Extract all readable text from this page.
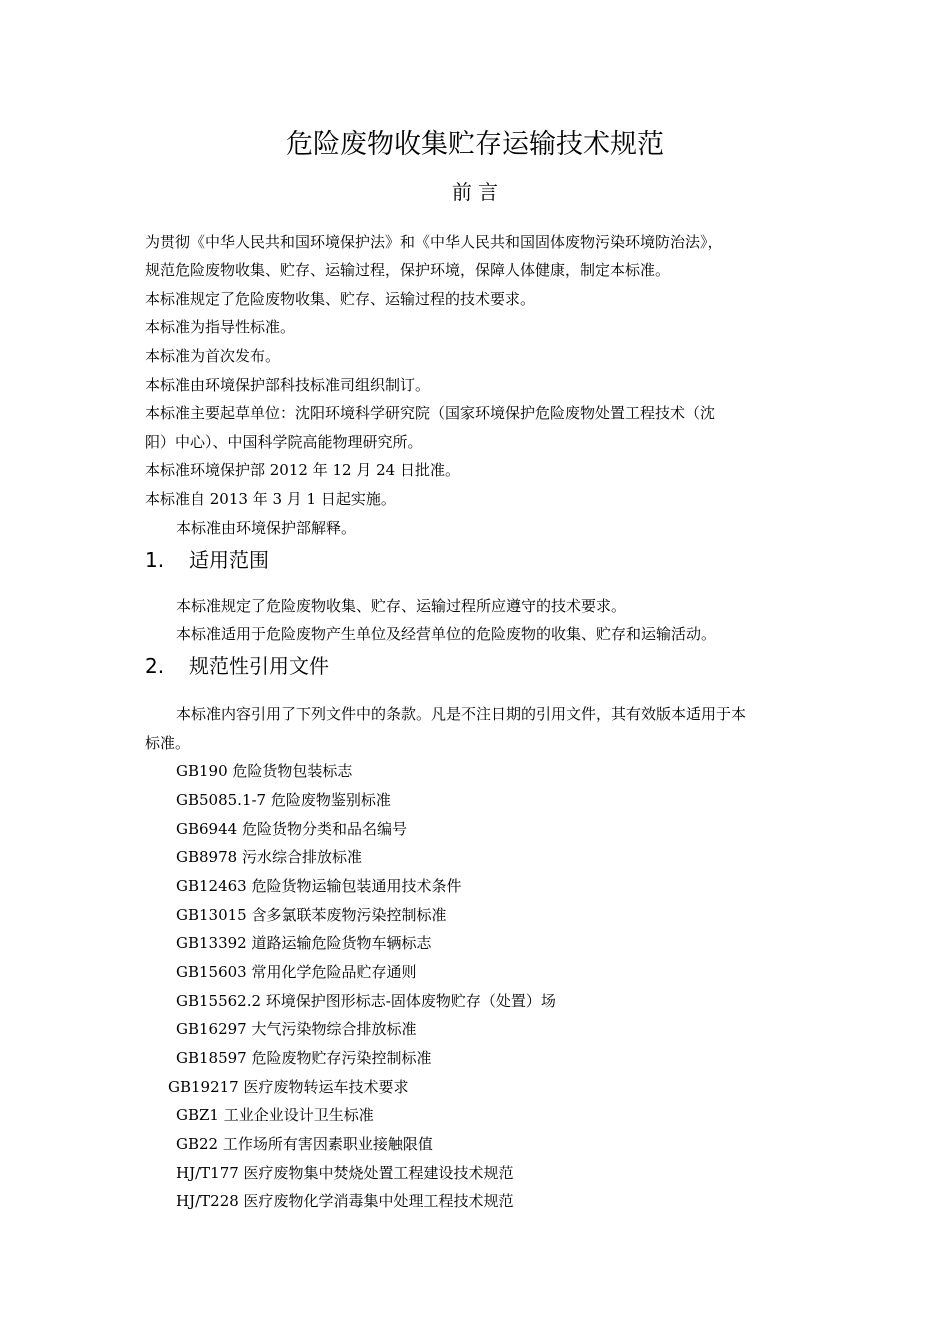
危险废物收集贮存运输技术规范
前 言

为贯彻《中华人民共和国环境保护法》和《中华人民共和国固体废物污染环境防治法》，

规范危险废物收集、贮存、运输过程，保护环境，保障人体健康，制定本标准。

本标准规定了危险废物收集、贮存、运输过程的技术要求。

本标准为指导性标准。

本标准为首次发布。

本标准由环境保护部科技标准司组织制订。

本标准主要起草单位：沈阳环境科学研究院（国家环境保护危险废物处置工程技术（沈

阳）中心）、中国科学院高能物理研究所。

本标准环境保护部 2012 年 12 月 24 日批准。

本标准自 2013 年 3 月 1 日起实施。

本标准由环境保护部解释。

1. 适用范围

本标准规定了危险废物收集、贮存、运输过程所应遵守的技术要求。

本标准适用于危险废物产生单位及经营单位的危险废物的收集、贮存和运输活动。

2. 规范性引用文件

本标准内容引用了下列文件中的条款。凡是不注日期的引用文件，其有效版本适用于本

标准。

GB190 危险货物包装标志

GB5085.1-7 危险废物鉴别标准

GB6944 危险货物分类和品名编号

GB8978 污水综合排放标准

GB12463 危险货物运输包装通用技术条件

GB13015 含多氯联苯废物污染控制标准

GB13392 道路运输危险货物车辆标志

GB15603 常用化学危险品贮存通则

GB15562.2 环境保护图形标志-固体废物贮存（处置）场

GB16297 大气污染物综合排放标准

GB18597 危险废物贮存污染控制标准

GB19217 医疗废物转运车技术要求

GBZ1 工业企业设计卫生标准

GB22 工作场所有害因素职业接触限值

HJ/T177 医疗废物集中焚烧处置工程建设技术规范

HJ/T228 医疗废物化学消毒集中处理工程技术规范
